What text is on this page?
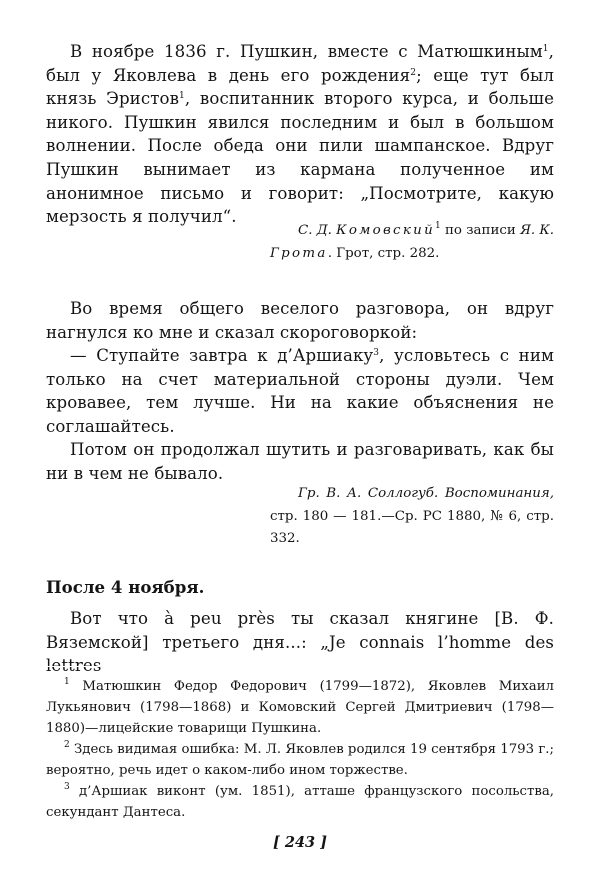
В ноябре 1836 г. Пушкин, вместе с Матюшкиным$^1$, был у Яковлева в день его рождения$^2$; еще тут был князь Эристов$^1$, воспитанник второго курса, и больше никого. Пушкин явился последним и был в большом волнении. После обеда они пили шампанское. Вдруг Пушкин вынимает из кармана полученное им анонимное письмо и говорит: „Посмотрите, какую мерзость я получил“.

С. Д. Комовский$^1$ по записи Я. К. Грота. Грот, стр. 282.

Во время общего веселого разговора, он вдруг нагнулся ко мне и сказал скороговоркой:

— Ступайте завтра к д’Аршиаку$^3$, условьтесь с ним только на счет материальной стороны дуэли. Чем кровавее, тем лучше. Ни на какие объяснения не соглашайтесь.

Потом он продолжал шутить и разговаривать, как бы ни в чем не бывало.

Гр. В. А. Соллогуб. Воспоминания, стр. 180 — 181.—Ср. РС 1880, № 6, стр. 332.

После 4 ноября.

Вот что à peu près ты сказал княгине [В. Ф. Вяземской] третьего дня...: „Je connais l’homme des lettres

$^1$ Матюшкин Федор Федорович (1799—1872), Яковлев Михаил Лукьянович (1798—1868) и Комовский Сергей Дмитриевич (1798—1880)—лицейские товарищи Пушкина.

$^2$ Здесь видимая ошибка: М. Л. Яковлев родился 19 сентября 1793 г.; вероятно, речь идет о каком-либо ином торжестве.

$^3$ д’Аршиак виконт (ум. 1851), атташе французского посольства, секундант Дантеса.

[ 243 ]
